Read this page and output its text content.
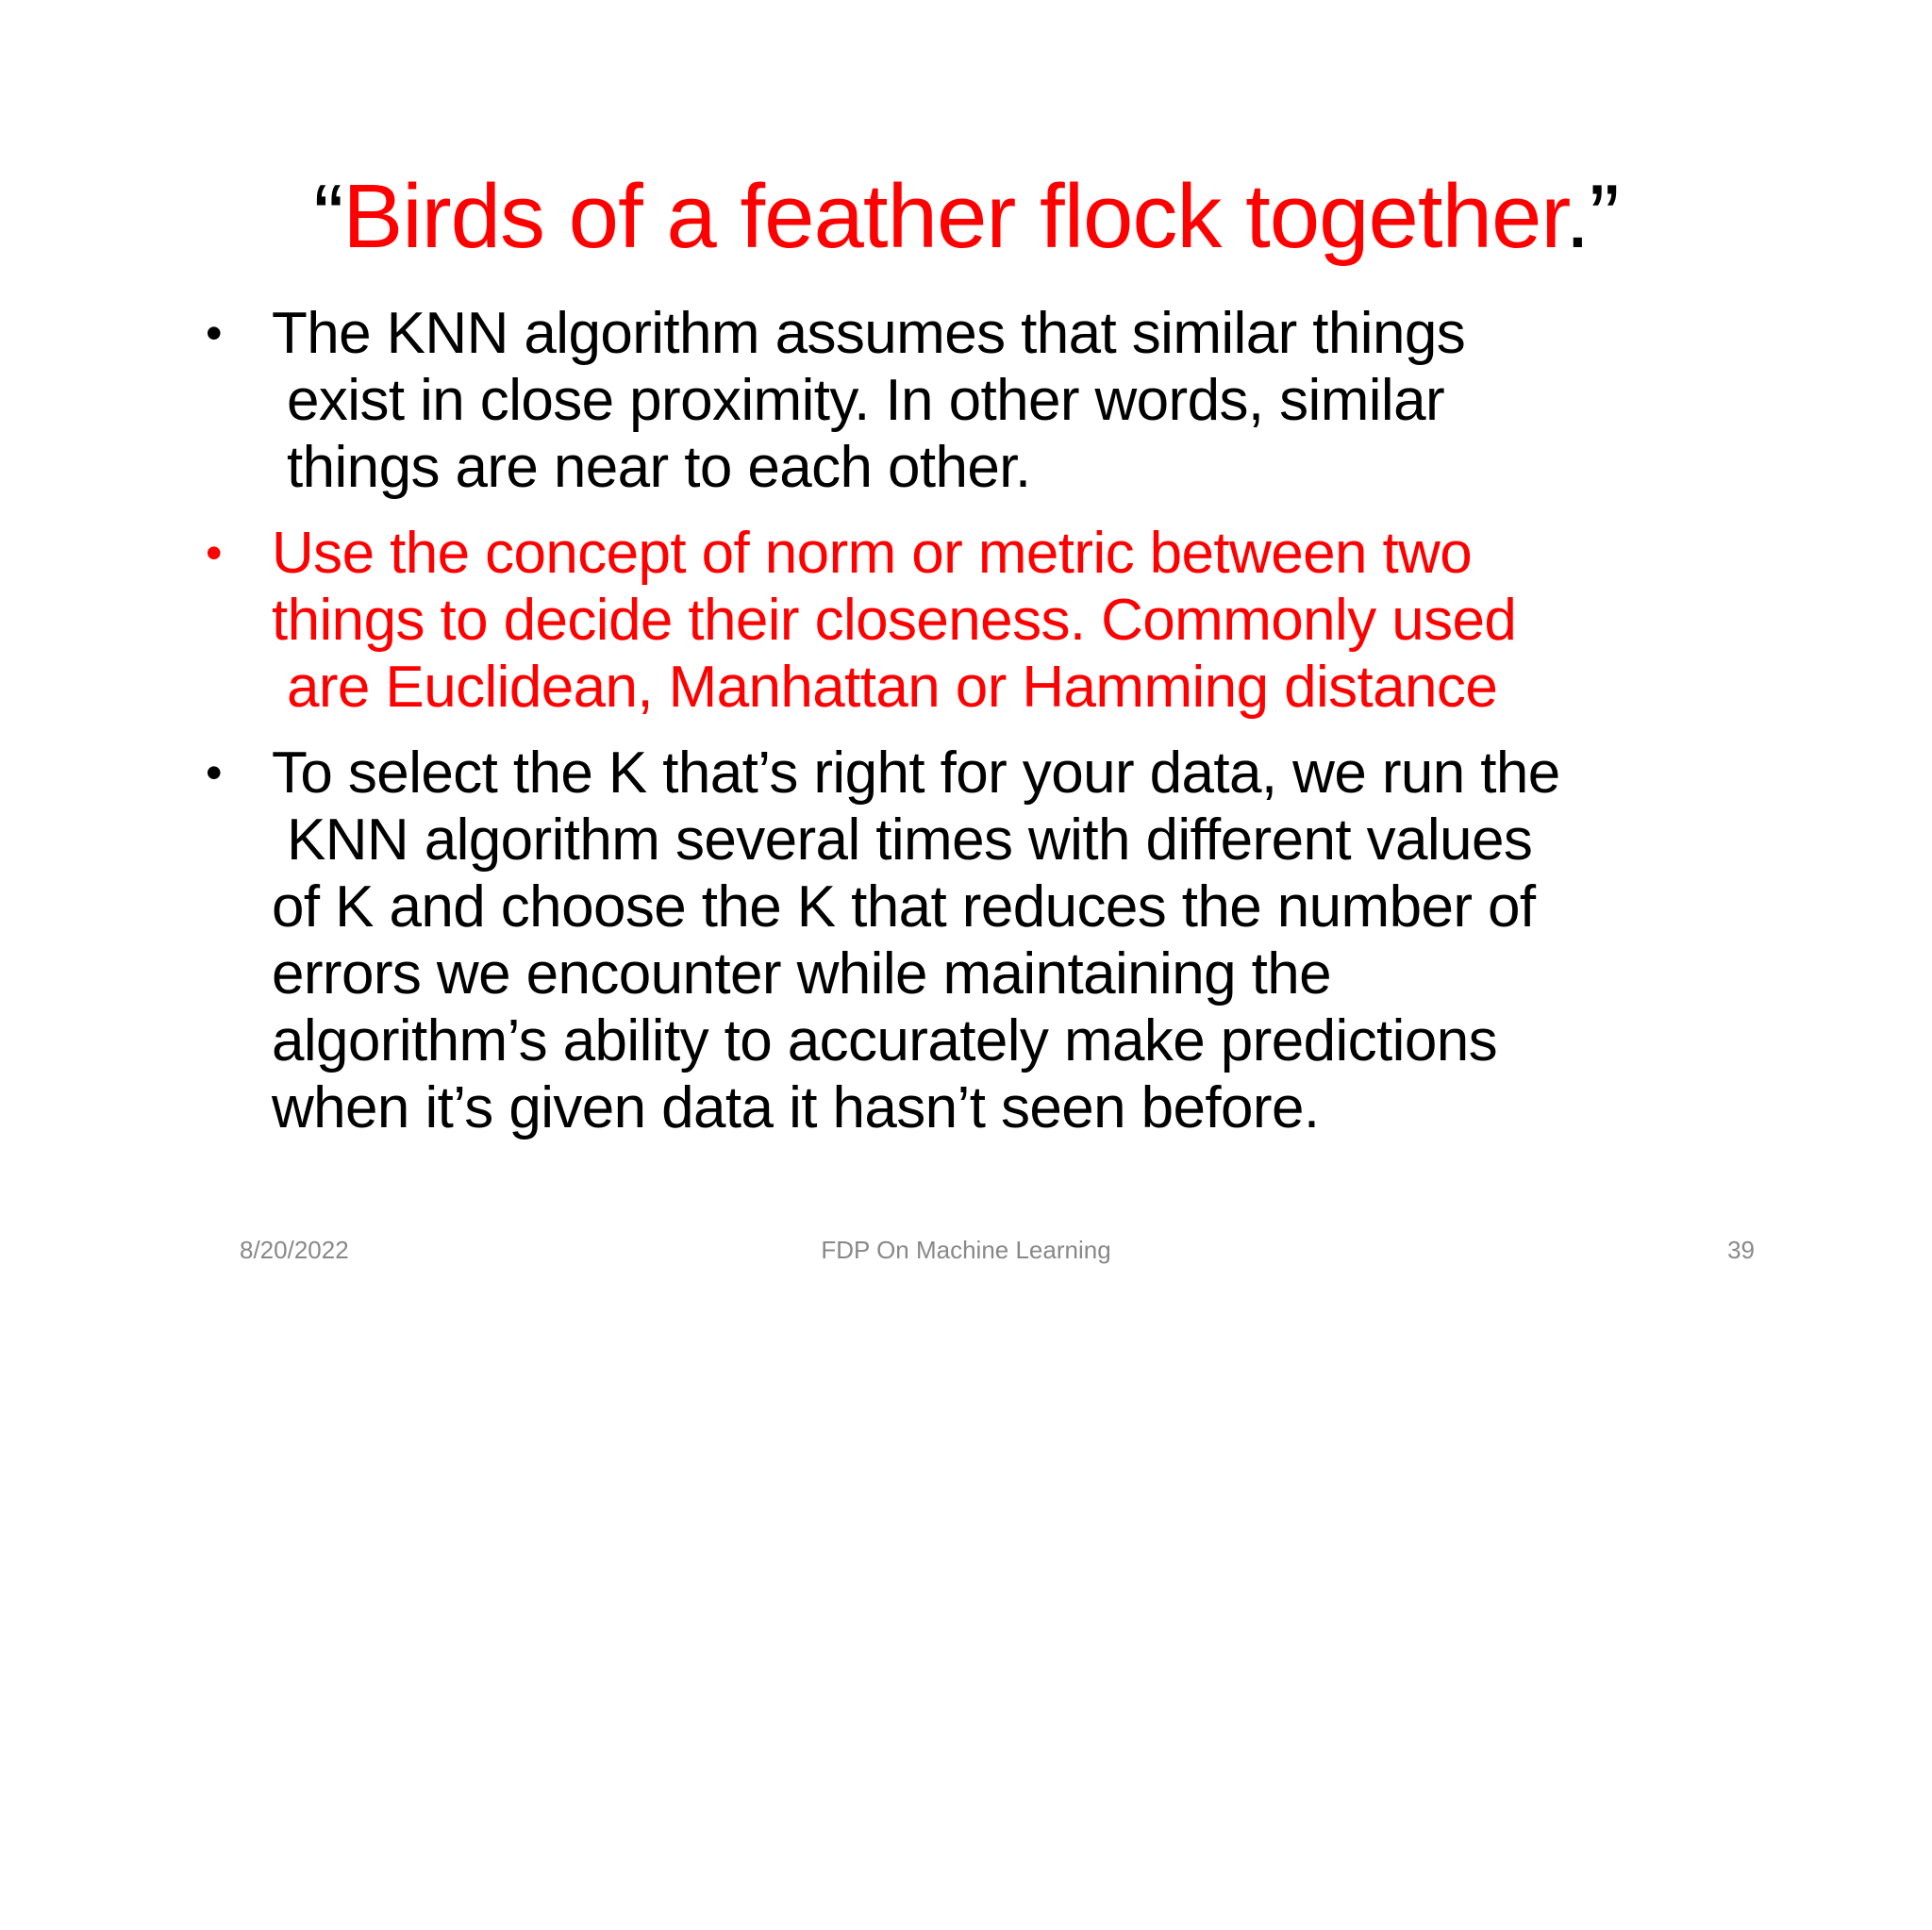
“Birds of a feather flock together.”
• The KNN algorithm assumes that similar things
exist in close proximity. In other words, similar
things are near to each other.
• Use the concept of norm or metric between two
things to decide their closeness. Commonly used
are Euclidean, Manhattan or Hamming distance
• To select the K that’s right for your data, we run the
KNN algorithm several times with different values
of K and choose the K that reduces the number of
errors we encounter while maintaining the
algorithm’s ability to accurately make predictions
when it’s given data it hasn’t seen before.
8/20/2022	FDP On Machine Learning	39
